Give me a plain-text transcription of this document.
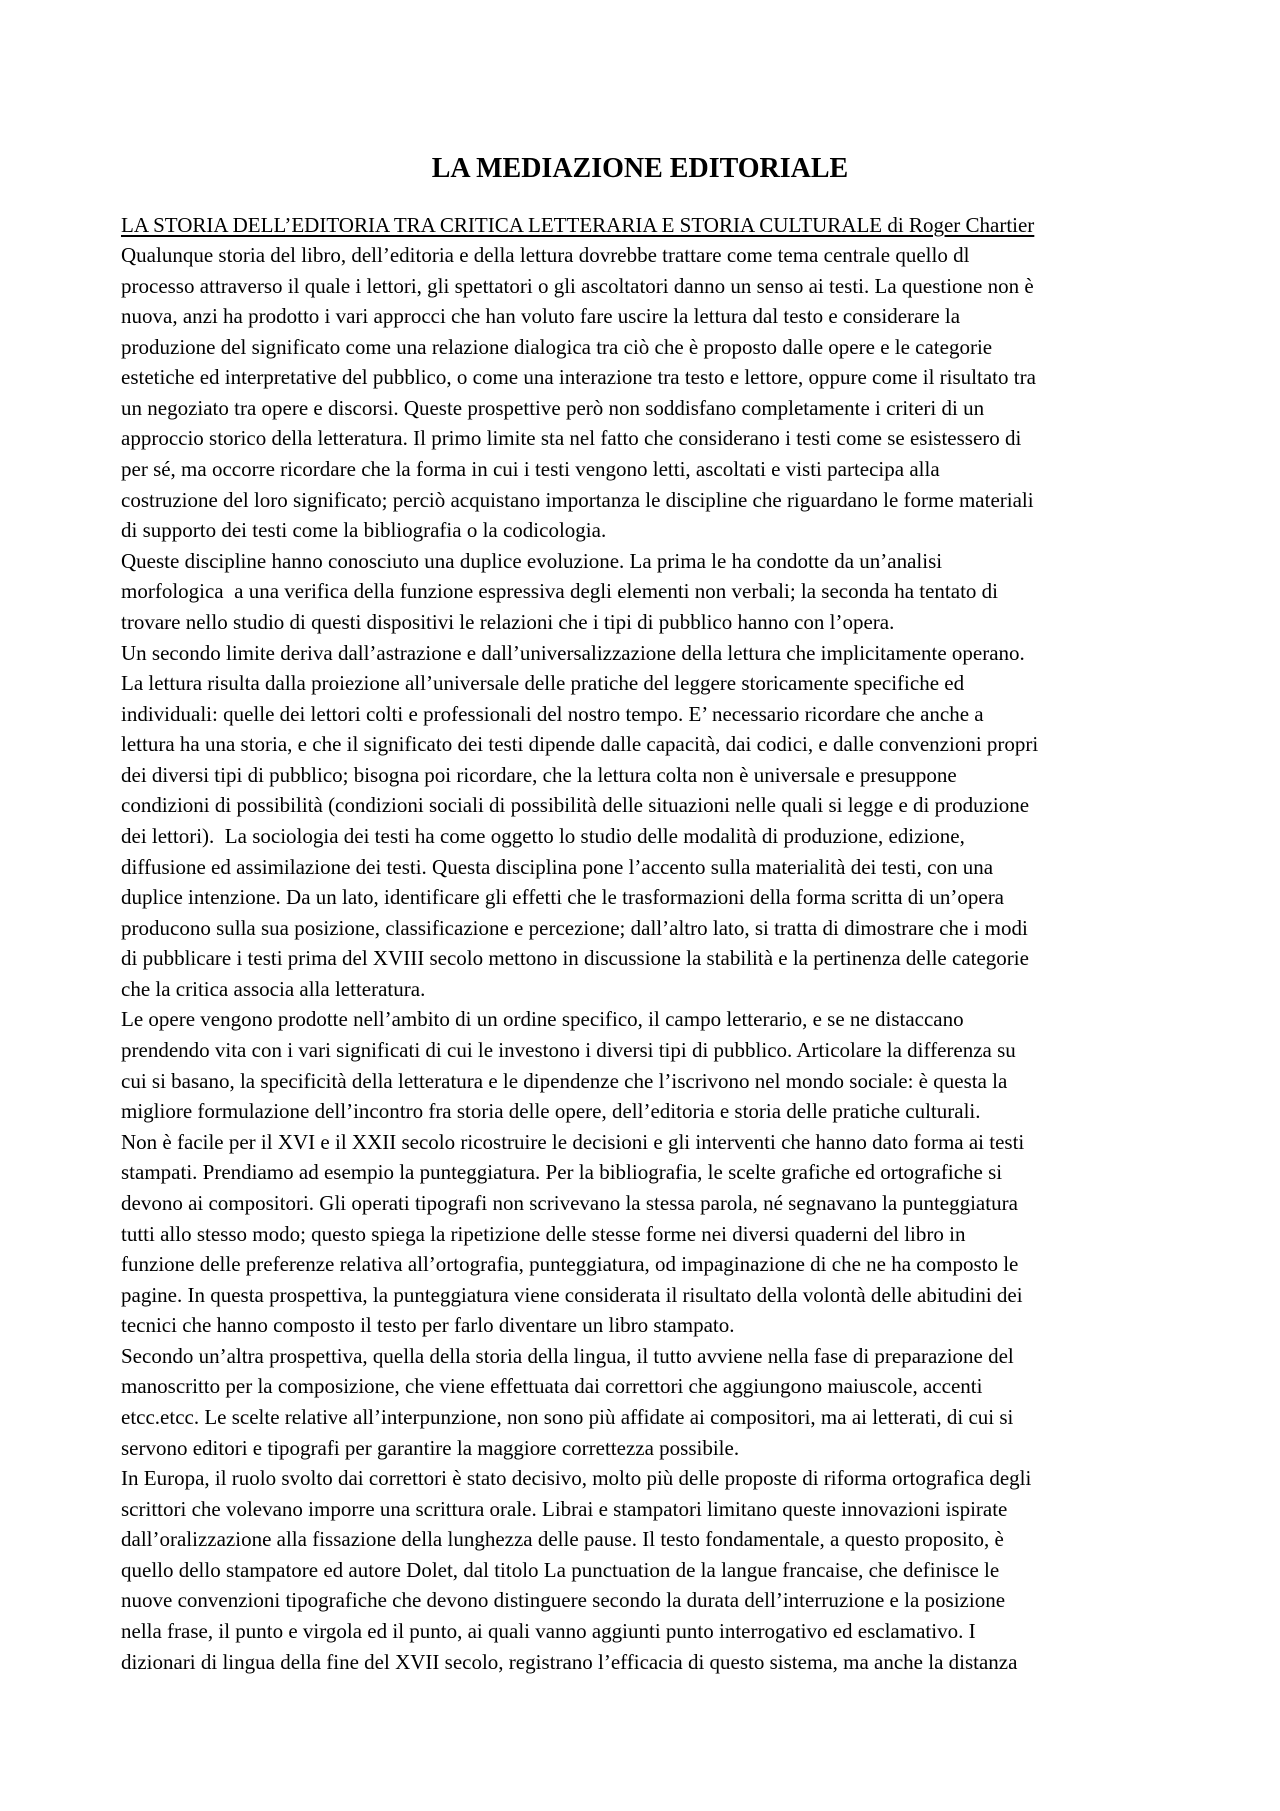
LA MEDIAZIONE EDITORIALE
LA STORIA DELL’EDITORIA TRA CRITICA LETTERARIA E STORIA CULTURALE di Roger Chartier
Qualunque storia del libro, dell’editoria e della lettura dovrebbe trattare come tema centrale quello dl
processo attraverso il quale i lettori, gli spettatori o gli ascoltatori danno un senso ai testi. La questione non è
nuova, anzi ha prodotto i vari approcci che han voluto fare uscire la lettura dal testo e considerare la
produzione del significato come una relazione dialogica tra ciò che è proposto dalle opere e le categorie
estetiche ed interpretative del pubblico, o come una interazione tra testo e lettore, oppure come il risultato tra
un negoziato tra opere e discorsi. Queste prospettive però non soddisfano completamente i criteri di un
approccio storico della letteratura. Il primo limite sta nel fatto che considerano i testi come se esistessero di
per sé, ma occorre ricordare che la forma in cui i testi vengono letti, ascoltati e visti partecipa alla
costruzione del loro significato; perciò acquistano importanza le discipline che riguardano le forme materiali
di supporto dei testi come la bibliografia o la codicologia.
Queste discipline hanno conosciuto una duplice evoluzione. La prima le ha condotte da un’analisi
morfologica  a una verifica della funzione espressiva degli elementi non verbali; la seconda ha tentato di
trovare nello studio di questi dispositivi le relazioni che i tipi di pubblico hanno con l’opera.
Un secondo limite deriva dall’astrazione e dall’universalizzazione della lettura che implicitamente operano.
La lettura risulta dalla proiezione all’universale delle pratiche del leggere storicamente specifiche ed
individuali: quelle dei lettori colti e professionali del nostro tempo. E’ necessario ricordare che anche a
lettura ha una storia, e che il significato dei testi dipende dalle capacità, dai codici, e dalle convenzioni propri
dei diversi tipi di pubblico; bisogna poi ricordare, che la lettura colta non è universale e presuppone
condizioni di possibilità (condizioni sociali di possibilità delle situazioni nelle quali si legge e di produzione
dei lettori).  La sociologia dei testi ha come oggetto lo studio delle modalità di produzione, edizione,
diffusione ed assimilazione dei testi. Questa disciplina pone l’accento sulla materialità dei testi, con una
duplice intenzione. Da un lato, identificare gli effetti che le trasformazioni della forma scritta di un’opera
producono sulla sua posizione, classificazione e percezione; dall’altro lato, si tratta di dimostrare che i modi
di pubblicare i testi prima del XVIII secolo mettono in discussione la stabilità e la pertinenza delle categorie
che la critica associa alla letteratura.
Le opere vengono prodotte nell’ambito di un ordine specifico, il campo letterario, e se ne distaccano
prendendo vita con i vari significati di cui le investono i diversi tipi di pubblico. Articolare la differenza su
cui si basano, la specificità della letteratura e le dipendenze che l’iscrivono nel mondo sociale: è questa la
migliore formulazione dell’incontro fra storia delle opere, dell’editoria e storia delle pratiche culturali.
Non è facile per il XVI e il XXII secolo ricostruire le decisioni e gli interventi che hanno dato forma ai testi
stampati. Prendiamo ad esempio la punteggiatura. Per la bibliografia, le scelte grafiche ed ortografiche si
devono ai compositori. Gli operati tipografi non scrivevano la stessa parola, né segnavano la punteggiatura
tutti allo stesso modo; questo spiega la ripetizione delle stesse forme nei diversi quaderni del libro in
funzione delle preferenze relativa all’ortografia, punteggiatura, od impaginazione di che ne ha composto le
pagine. In questa prospettiva, la punteggiatura viene considerata il risultato della volontà delle abitudini dei
tecnici che hanno composto il testo per farlo diventare un libro stampato.
Secondo un’altra prospettiva, quella della storia della lingua, il tutto avviene nella fase di preparazione del
manoscritto per la composizione, che viene effettuata dai correttori che aggiungono maiuscole, accenti
etcc.etcc. Le scelte relative all’interpunzione, non sono più affidate ai compositori, ma ai letterati, di cui si
servono editori e tipografi per garantire la maggiore correttezza possibile.
In Europa, il ruolo svolto dai correttori è stato decisivo, molto più delle proposte di riforma ortografica degli
scrittori che volevano imporre una scrittura orale. Librai e stampatori limitano queste innovazioni ispirate
dall’oralizzazione alla fissazione della lunghezza delle pause. Il testo fondamentale, a questo proposito, è
quello dello stampatore ed autore Dolet, dal titolo La punctuation de la langue francaise, che definisce le
nuove convenzioni tipografiche che devono distinguere secondo la durata dell’interruzione e la posizione
nella frase, il punto e virgola ed il punto, ai quali vanno aggiunti punto interrogativo ed esclamativo. I
dizionari di lingua della fine del XVII secolo, registrano l’efficacia di questo sistema, ma anche la distanza
